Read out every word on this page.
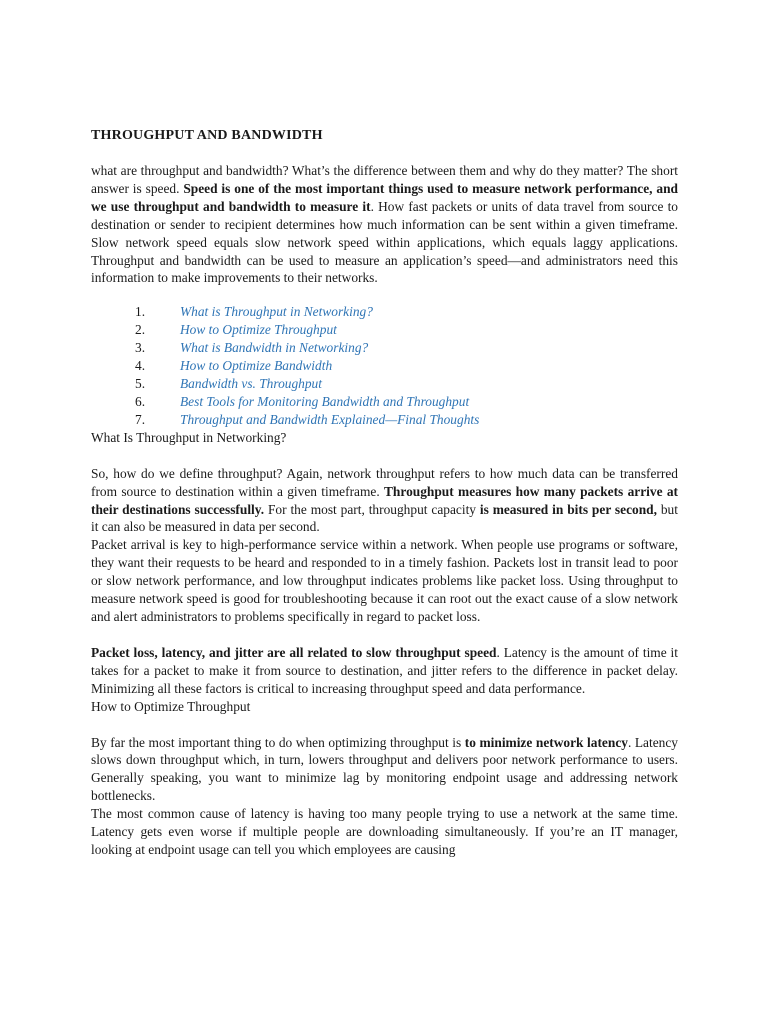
THROUGHPUT AND BANDWIDTH

what are throughput and bandwidth? What’s the difference between them and why do they matter? The short answer is speed. Speed is one of the most important things used to measure network performance, and we use throughput and bandwidth to measure it. How fast packets or units of data travel from source to destination or sender to recipient determines how much information can be sent within a given timeframe. Slow network speed equals slow network speed within applications, which equals laggy applications. Throughput and bandwidth can be used to measure an application’s speed—and administrators need this information to make improvements to their networks.

1.	What is Throughput in Networking?
2.	How to Optimize Throughput
3.	What is Bandwidth in Networking?
4.	How to Optimize Bandwidth
5.	Bandwidth vs. Throughput
6.	Best Tools for Monitoring Bandwidth and Throughput
7.	Throughput and Bandwidth Explained—Final Thoughts
What Is Throughput in Networking?

So, how do we define throughput? Again, network throughput refers to how much data can be transferred from source to destination within a given timeframe. Throughput measures how many packets arrive at their destinations successfully. For the most part, throughput capacity is measured in bits per second, but it can also be measured in data per second.

Packet arrival is key to high-performance service within a network. When people use programs or software, they want their requests to be heard and responded to in a timely fashion. Packets lost in transit lead to poor or slow network performance, and low throughput indicates problems like packet loss. Using throughput to measure network speed is good for troubleshooting because it can root out the exact cause of a slow network and alert administrators to problems specifically in regard to packet loss.

Packet loss, latency, and jitter are all related to slow throughput speed. Latency is the amount of time it takes for a packet to make it from source to destination, and jitter refers to the difference in packet delay. Minimizing all these factors is critical to increasing throughput speed and data performance.

How to Optimize Throughput

By far the most important thing to do when optimizing throughput is to minimize network latency. Latency slows down throughput which, in turn, lowers throughput and delivers poor network performance to users. Generally speaking, you want to minimize lag by monitoring endpoint usage and addressing network bottlenecks.

The most common cause of latency is having too many people trying to use a network at the same time. Latency gets even worse if multiple people are downloading simultaneously. If you’re an IT manager, looking at endpoint usage can tell you which employees are causing
